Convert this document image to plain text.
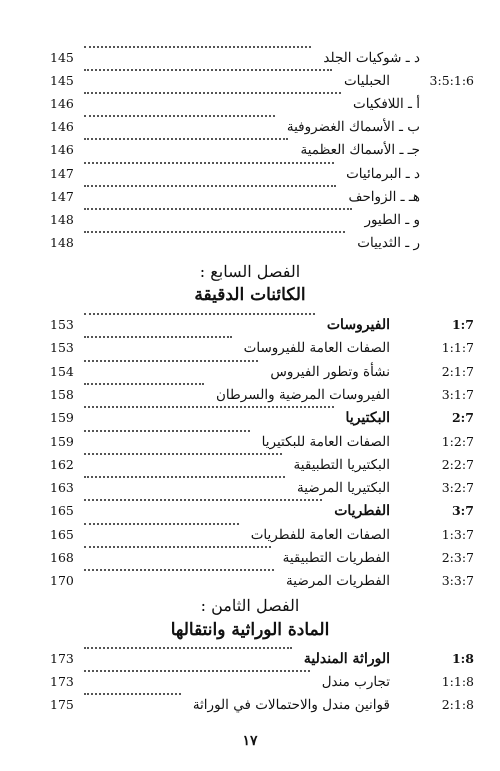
145	د ـ شوكيات الجلد
145	الحبليات	3:5:1:6
146	أ ـ اللافكيات
146	ب ـ الأسماك الغضروفية
146	جـ ـ الأسماك العظمية
147	د ـ البرمائيات
147	هـ ـ الزواحف
148	و ـ الطيور
148	ر ـ الثدييات
الفصل السابع :
الكائنات الدقيقة
153	الفيروسات	1:7
153	الصفات العامة للفيروسات	1:1:7
154	نشأة وتطور الفيروس	2:1:7
158	الفيروسات المرضية والسرطان	3:1:7
159	البكتيريا	2:7
159	الصفات العامة للبكتيريا	1:2:7
162	البكتيريا التطبيقية	2:2:7
163	البكتيريا المرضية	3:2:7
165	الفطريات	3:7
165	الصفات العامة للفطريات	1:3:7
168	الفطريات التطبيقية	2:3:7
170	الفطريات المرضية	3:3:7
الفصل الثامن :
المادة الوراثية وانتقالها
173	الوراثة المندلية	1:8
173	تجارب مندل	1:1:8
175	قوانين مندل والاحتمالات في الوراثة	2:1:8
١٧
